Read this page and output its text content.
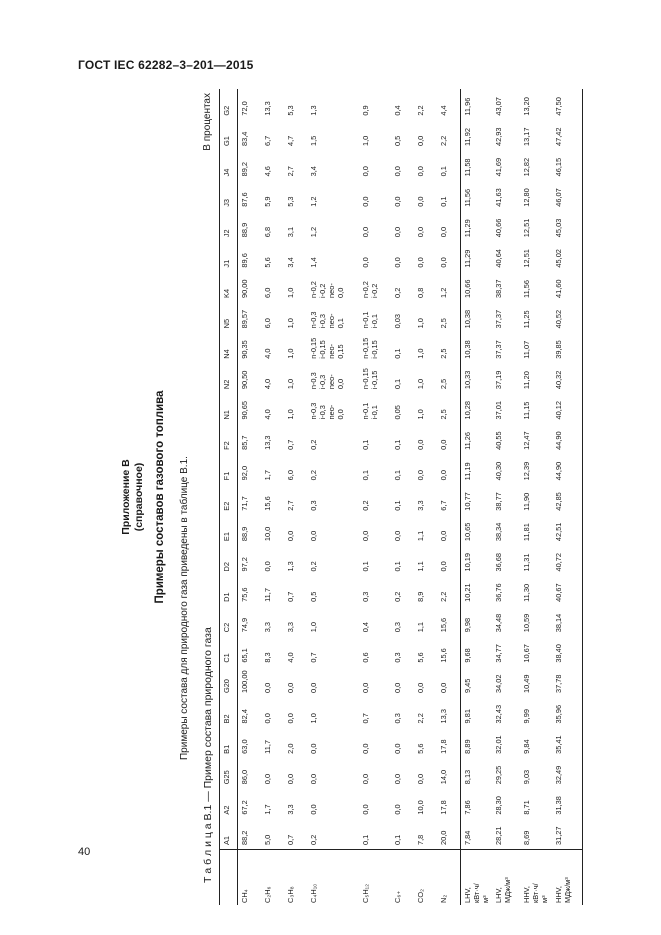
ГОСТ IEC 62282–3–201—2015
Приложение В (справочное) Примеры составов газового топлива Примеры состава для природного газа приведены в таблице В.1. Т а б л и ц а В.1 — Пример состава природного газа
В процентах
A1
A2
G25
B1
B2
G20
C1
C2
D1
D2
E1
E2
F1
F2
N1
N2
N4
N5
K4
J1
J2
J3
J4
G1
G2
CH₄
88,2
67,2
86,0
63,0
82,4
100,00
65,1
74,9
75,6
97,2
88,9
71,7
92,0
85,7
90,65
90,50
90,35
89,57
90,00
89,6
88,9
87,6
89,2
83,4
72,0
C₂H₆
5,0
1,7
0,0
11,7
0,0
0,0
8,3
3,3
11,7
0,0
10,0
15,6
1,7
13,3
4,0
4,0
4,0
6,0
6,0
5,6
6,8
5,9
4,6
6,7
13,3
C₃H₈
0,7
3,3
0,0
2,0
0,0
0,0
4,0
3,3
0,7
1,3
0,0
2,7
6,0
0,7
1,0
1,0
1,0
1,0
1,0
3,4
3,1
5,3
2,7
4,7
5,3
C₄H₁₀
0,2
0,0
0,0
0,0
1,0
0,0
0,7
1,0
0,5
0,2
0,0
0,3
0,2
0,2
n-0,3
i-0,3
neo-
0,0
n-0,3
i-0,3
neo-
0,0
n-0,15
i-0,15
neo-
0,15
n-0,3
i-0,3
neo-
0,1
n-0,2
i-0,2
neo-
0,0
1,4
1,2
1,2
3,4
1,5
1,3
C₅H₁₂
0,1
0,0
0,0
0,0
0,7
0,0
0,6
0,4
0,3
0,1
0,0
0,2
0,1
0,1
n-0,1
i-0,1
n-0,15
i-0,15
n-0,15
i-0,15
n-0,1
i-0,1
n-0,2
i-0,2
0,0
0,0
0,0
0,0
1,0
0,9
C₆₊
0,1
0,0
0,0
0,0
0,3
0,0
0,3
0,3
0,2
0,1
0,0
0,1
0,1
0,1
0,05
0,1
0,1
0,03
0,2
0,0
0,0
0,0
0,0
0,5
0,4
CO₂
7,8
10,0
0,0
5,6
2,2
0,0
5,6
1,1
8,9
1,1
1,1
3,3
0,0
0,0
1,0
1,0
1,0
1,0
0,8
0,0
0,0
0,0
0,0
0,0
2,2
N₂
20,0
17,8
14,0
17,8
13,3
0,0
15,6
15,6
2,2
0,0
0,0
6,7
0,0
0,0
2,5
2,5
2,5
2,5
1,2
0,0
0,0
0,1
0,1
2,2
4,4
LHV,
кВт·ч/
м³
7,84
7,86
8,13
8,89
9,81
9,45
9,68
9,98
10,21
10,19
10,65
10,77
11,19
11,26
10,28
10,33
10,38
10,38
10,66
11,29
11,29
11,56
11,58
11,92
11,96
LHV,
МДж/м³
28,21
28,30
29,25
32,01
32,43
34,02
34,77
34,48
36,76
36,68
38,34
38,77
40,30
40,55
37,01
37,19
37,37
37,37
38,37
40,64
40,66
41,63
41,69
42,93
43,07
HHV,
кВт·ч/
м³
8,69
8,71
9,03
9,84
9,99
10,49
10,67
10,59
11,30
11,31
11,81
11,90
12,39
12,47
11,15
11,20
11,07
11,25
11,56
12,51
12,51
12,80
12,82
13,17
13,20
HHV,
МДж/м³
31,27
31,38
32,49
35,41
35,96
37,78
38,40
38,14
40,67
40,72
42,51
42,85
44,90
44,90
40,12
40,32
39,85
40,52
41,60
45,02
45,03
46,07
46,15
47,42
47,50
40
